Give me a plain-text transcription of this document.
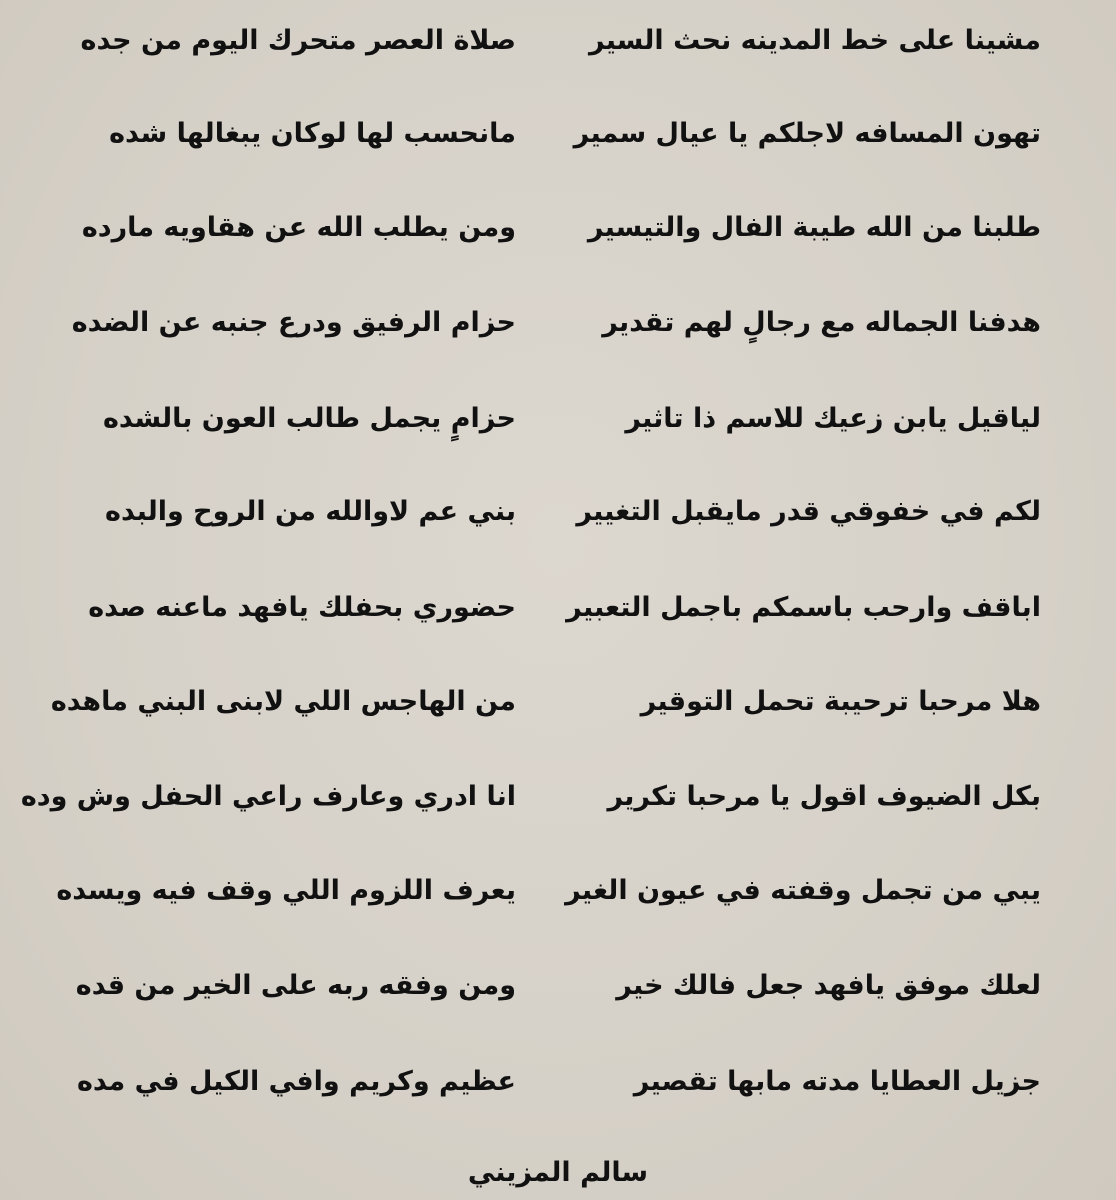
مشينا على خط المدينه نحث السير
صلاة العصر متحرك اليوم من جده
تهون المسافه لاجلكم يا عيال سمير
مانحسب لها لوكان يبغالها شده
طلبنا من الله طيبة الفال والتيسير
ومن يطلب الله عن هقاويه مارده
هدفنا الجماله مع رجالٍ لهم تقدير
حزام الرفيق ودرع جنبه عن الضده
لياقيل يابن زعيك للاسم ذا تاثير
حزامٍ يجمل طالب العون بالشده
لكم في خفوقي قدر مايقبل التغيير
بني عم لاوالله من الروح والبده
اباقف وارحب باسمكم باجمل التعبير
حضوري بحفلك يافهد ماعنه صده
هلا مرحبا ترحيبة تحمل التوقير
من الهاجس اللي لابنى البني ماهده
بكل الضيوف اقول يا مرحبا تكرير
انا ادري وعارف راعي الحفل وش وده
يبي من تجمل وقفته في عيون الغير
يعرف اللزوم اللي وقف فيه ويسده
لعلك موفق يافهد جعل فالك خير
ومن وفقه ربه على الخير من قده
جزيل العطايا مدته مابها تقصير
عظيم وكريم وافي الكيل في مده
سالم المزيني
